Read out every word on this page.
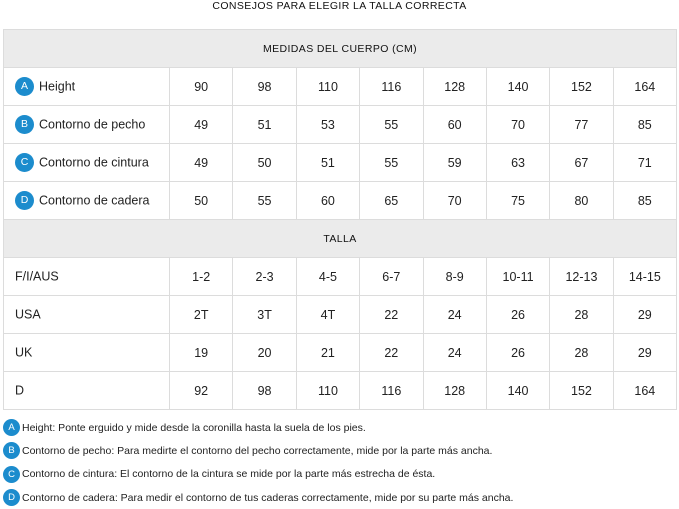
CONSEJOS PARA ELEGIR LA TALLA CORRECTA
MEDIDAS DEL CUERPO (CM)								
A Height	90	98	110	116	128	140	152	164
B Contorno de pecho	49	51	53	55	60	70	77	85
C Contorno de cintura	49	50	51	55	59	63	67	71
D Contorno de cadera	50	55	60	65	70	75	80	85
TALLA								
F/I/AUS	1-2	2-3	4-5	6-7	8-9	10-11	12-13	14-15
USA	2T	3T	4T	22	24	26	28	29
UK	19	20	21	22	24	26	28	29
D	92	98	110	116	128	140	152	164
A Height: Ponte erguido y mide desde la coronilla hasta la suela de los pies.
B Contorno de pecho: Para medirte el contorno del pecho correctamente, mide por la parte más ancha.
C Contorno de cintura: El contorno de la cintura se mide por la parte más estrecha de ésta.
D Contorno de cadera: Para medir el contorno de tus caderas correctamente, mide por su parte más ancha.
